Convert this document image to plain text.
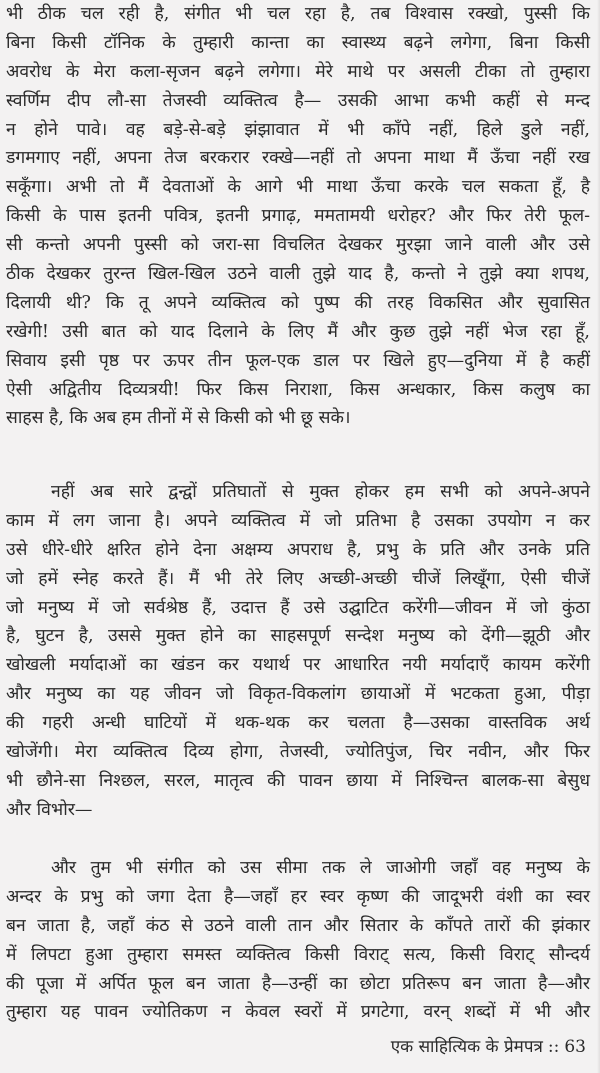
भी ठीक चल रही है, संगीत भी चल रहा है, तब विश्वास रक्खो, पुस्सी कि
बिना किसी टॉनिक के तुम्हारी कान्ता का स्वास्थ्य बढ़ने लगेगा, बिना किसी
अवरोध के मेरा कला-सृजन बढ़ने लगेगा। मेरे माथे पर असली टीका तो तुम्हारा
स्वर्णिम दीप लौ-सा तेजस्वी व्यक्तित्व है— उसकी आभा कभी कहीं से मन्द
न होने पावे। वह बड़े-से-बड़े झंझावात में भी काँपे नहीं, हिले डुले नहीं,
डगमगाए नहीं, अपना तेज बरकरार रक्खे—नहीं तो अपना माथा मैं ऊँचा नहीं रख
सकूँगा। अभी तो मैं देवताओं के आगे भी माथा ऊँचा करके चल सकता हूँ, है
किसी के पास इतनी पवित्र, इतनी प्रगाढ़, ममतामयी धरोहर? और फिर तेरी फूल-
सी कन्तो अपनी पुस्सी को जरा-सा विचलित देखकर मुरझा जाने वाली और उसे
ठीक देखकर तुरन्त खिल-खिल उठने वाली तुझे याद है, कन्तो ने तुझे क्या शपथ,
दिलायी थी? कि तू अपने व्यक्तित्व को पुष्प की तरह विकसित और सुवासित
रखेगी! उसी बात को याद दिलाने के लिए मैं और कुछ तुझे नहीं भेज रहा हूँ,
सिवाय इसी पृष्ठ पर ऊपर तीन फूल-एक डाल पर खिले हुए—दुनिया में है कहीं
ऐसी अद्वितीय दिव्यत्रयी! फिर किस निराशा, किस अन्धकार, किस कलुष का
साहस है, कि अब हम तीनों में से किसी को भी छू सके।
नहीं अब सारे द्वन्द्वों प्रतिघातों से मुक्त होकर हम सभी को अपने-अपने
काम में लग जाना है। अपने व्यक्तित्व में जो प्रतिभा है उसका उपयोग न कर
उसे धीरे-धीरे क्षरित होने देना अक्षम्य अपराध है, प्रभु के प्रति और उनके प्रति
जो हमें स्नेह करते हैं। मैं भी तेरे लिए अच्छी-अच्छी चीजें लिखूँगा, ऐसी चीजें
जो मनुष्य में जो सर्वश्रेष्ठ हैं, उदात्त हैं उसे उद्घाटित करेंगी—जीवन में जो कुंठा
है, घुटन है, उससे मुक्त होने का साहसपूर्ण सन्देश मनुष्य को देंगी—झूठी और
खोखली मर्यादाओं का खंडन कर यथार्थ पर आधारित नयी मर्यादाएँ कायम करेंगी
और मनुष्य का यह जीवन जो विकृत-विकलांग छायाओं में भटकता हुआ, पीड़ा
की गहरी अन्धी घाटियों में थक-थक कर चलता है—उसका वास्तविक अर्थ
खोजेंगी। मेरा व्यक्तित्व दिव्य होगा, तेजस्वी, ज्योतिपुंज, चिर नवीन, और फिर
भी छौने-सा निश्छल, सरल, मातृत्व की पावन छाया में निश्चिन्त बालक-सा बेसुध
और विभोर—
और तुम भी संगीत को उस सीमा तक ले जाओगी जहाँ वह मनुष्य के
अन्दर के प्रभु को जगा देता है—जहाँ हर स्वर कृष्ण की जादूभरी वंशी का स्वर
बन जाता है, जहाँ कंठ से उठने वाली तान और सितार के काँपते तारों की झंकार
में लिपटा हुआ तुम्हारा समस्त व्यक्तित्व किसी विराट् सत्य, किसी विराट् सौन्दर्य
की पूजा में अर्पित फूल बन जाता है—उन्हीं का छोटा प्रतिरूप बन जाता है—और
तुम्हारा यह पावन ज्योतिकण न केवल स्वरों में प्रगटेगा, वरन् शब्दों में भी और
एक साहित्यिक के प्रेमपत्र :: 63
